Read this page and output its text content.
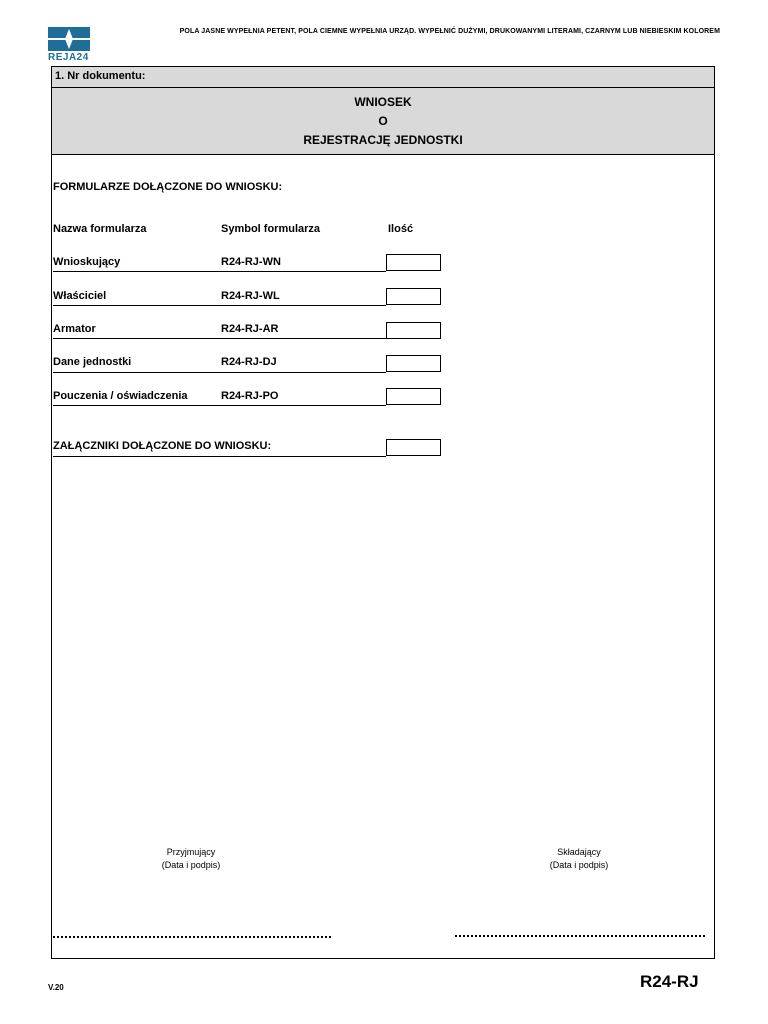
REJA24
POLA JASNE WYPEŁNIA PETENT, POLA CIEMNE WYPEŁNIA URZĄD. WYPEŁNIĆ DUŻYMI, DRUKOWANYMI LITERAMI, CZARNYM LUB NIEBIESKIM KOLOREM
1. Nr dokumentu:
WNIOSEK
O
REJESTRACJĘ JEDNOSTKI
FORMULARZE DOŁĄCZONE DO WNIOSKU:
Nazwa formularza	Symbol formularza	Ilość
Wnioskujący	R24-RJ-WN
Właściciel	R24-RJ-WL
Armator	R24-RJ-AR
Dane jednostki	R24-RJ-DJ
Pouczenia / oświadczenia	R24-RJ-PO
ZAŁĄCZNIKI DOŁĄCZONE DO WNIOSKU:
Przyjmujący
(Data i podpis)
Składający
(Data i podpis)
V.20	R24-RJ
